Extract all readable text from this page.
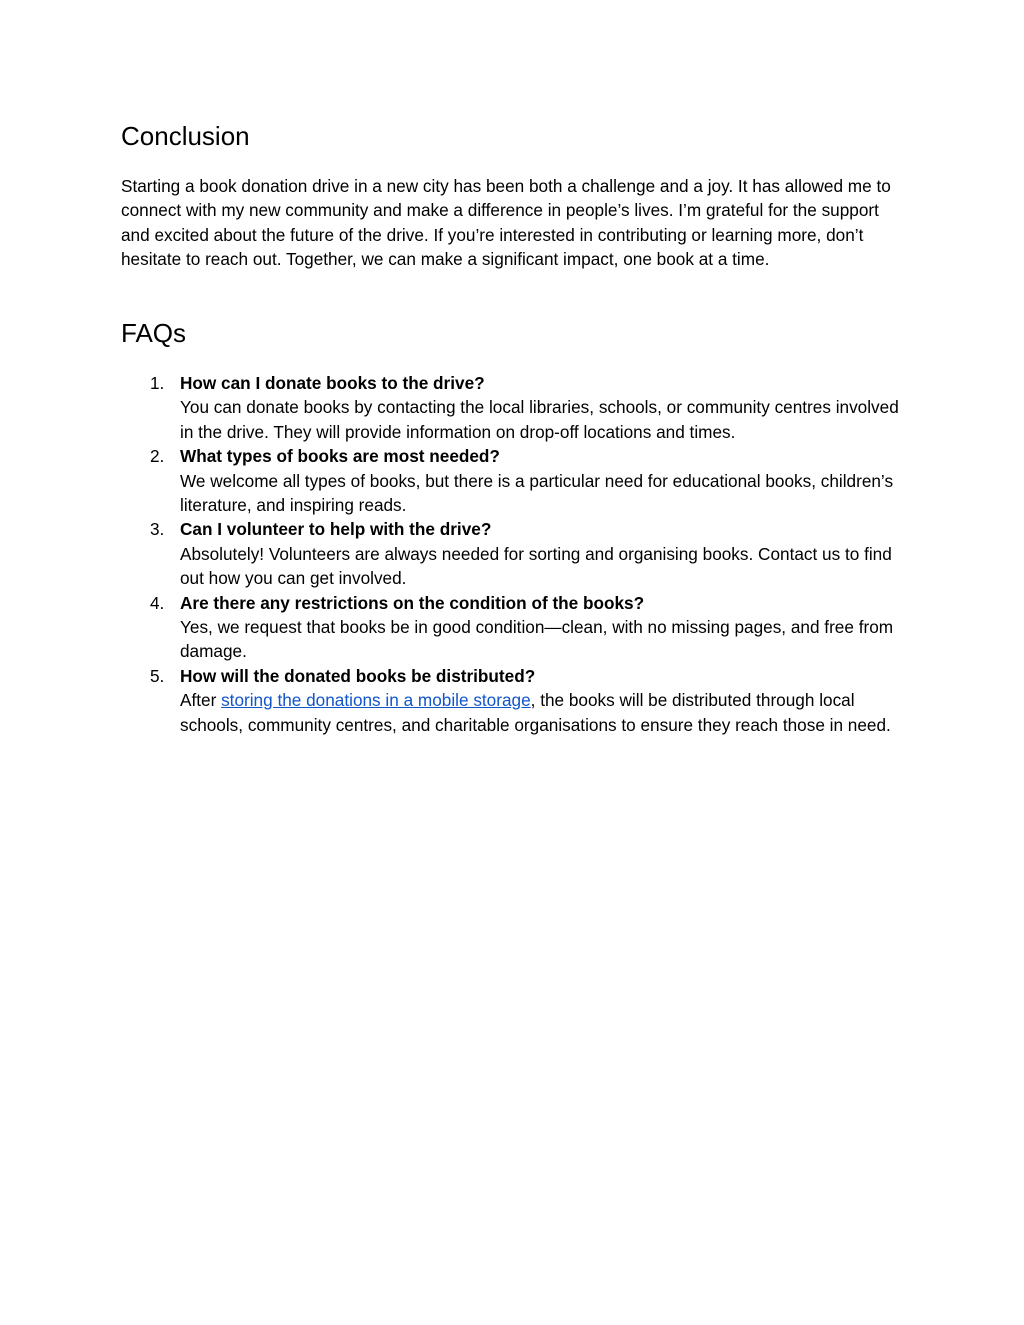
Conclusion

Starting a book donation drive in a new city has been both a challenge and a joy. It has allowed me to connect with my new community and make a difference in people’s lives. I’m grateful for the support and excited about the future of the drive. If you’re interested in contributing or learning more, don’t hesitate to reach out. Together, we can make a significant impact, one book at a time.

FAQs
1. How can I donate books to the drive?
You can donate books by contacting the local libraries, schools, or community centres involved in the drive. They will provide information on drop-off locations and times.
2. What types of books are most needed?
We welcome all types of books, but there is a particular need for educational books, children’s literature, and inspiring reads.
3. Can I volunteer to help with the drive?
Absolutely! Volunteers are always needed for sorting and organising books. Contact us to find out how you can get involved.
4. Are there any restrictions on the condition of the books?
Yes, we request that books be in good condition—clean, with no missing pages, and free from damage.
5. How will the donated books be distributed?
After storing the donations in a mobile storage, the books will be distributed through local schools, community centres, and charitable organisations to ensure they reach those in need.
